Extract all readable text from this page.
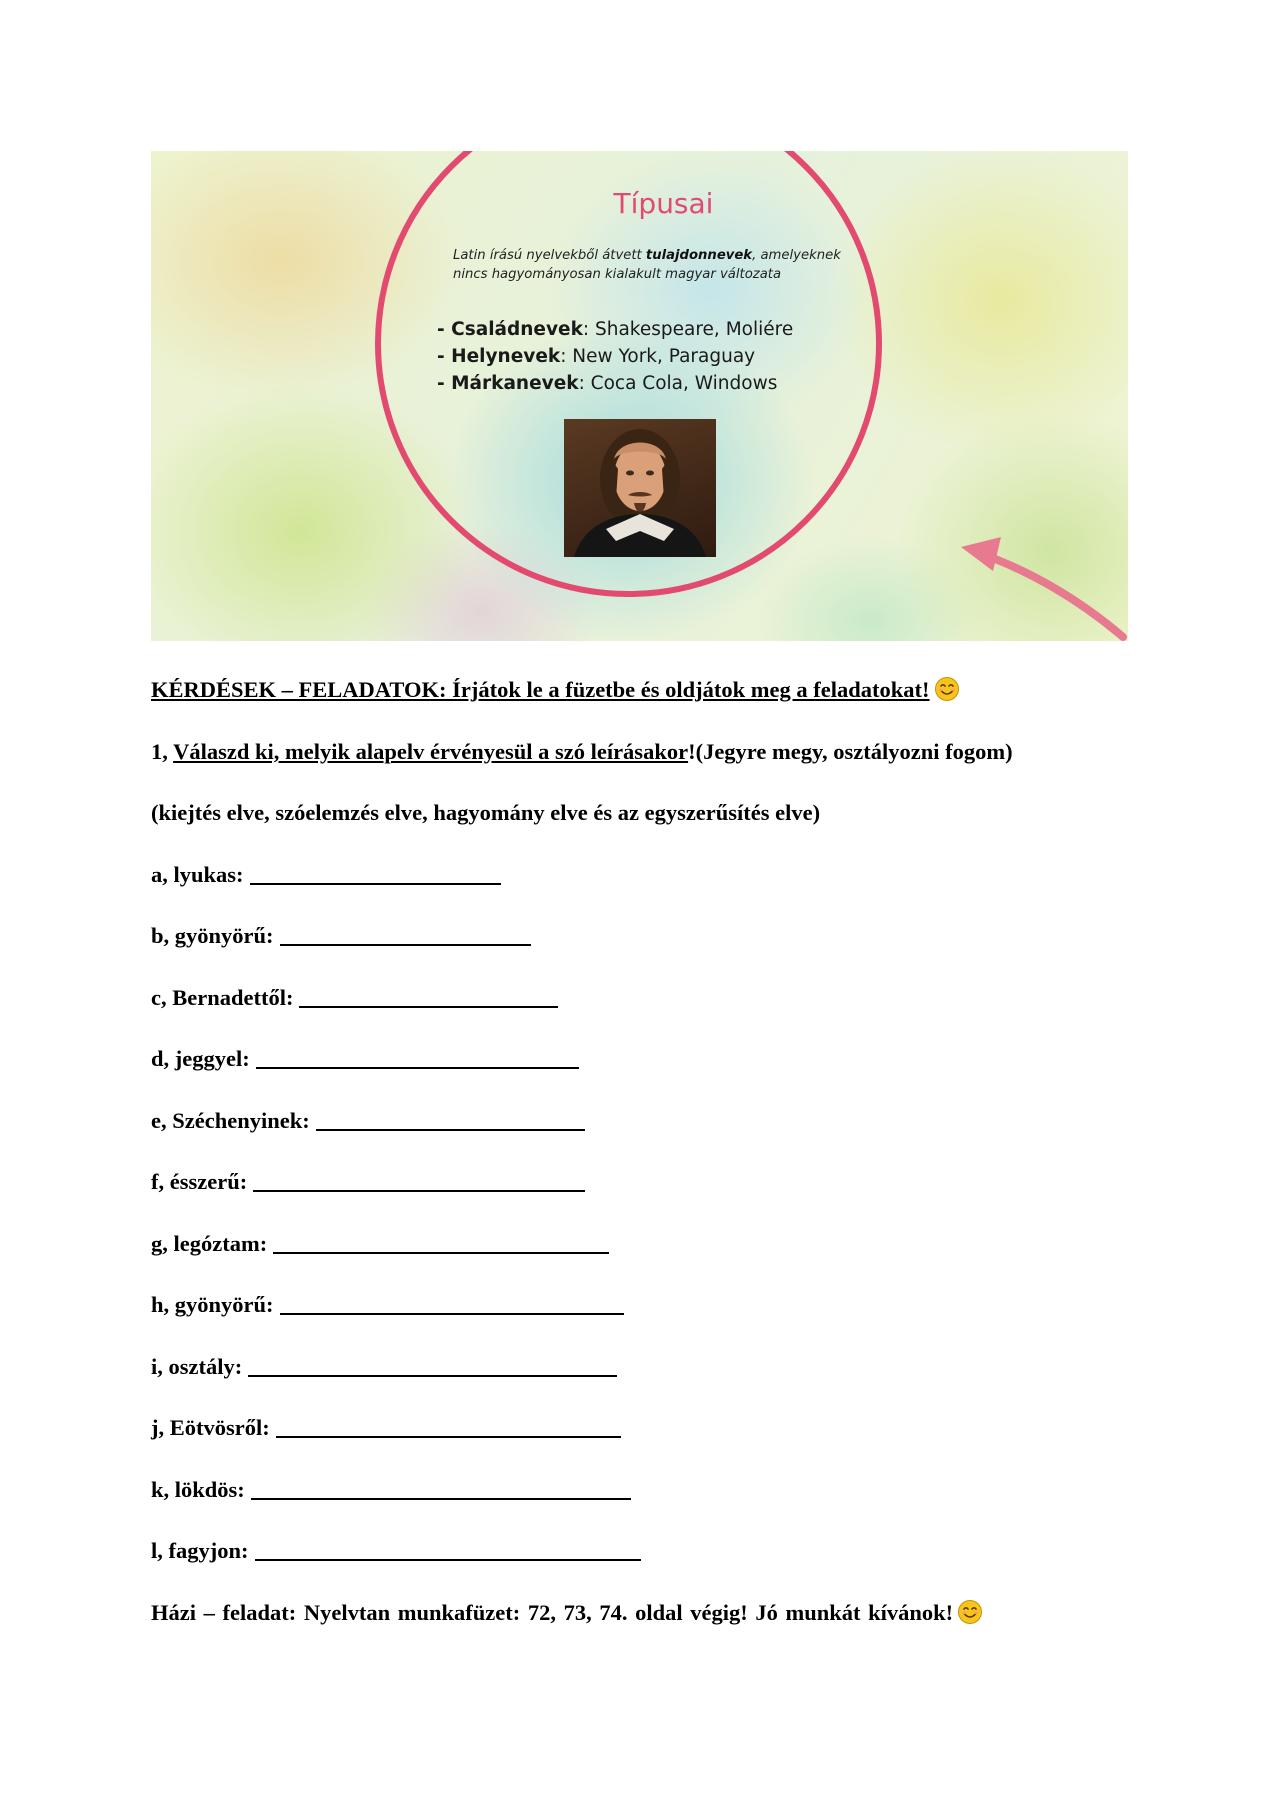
Típusai
Latin írású nyelvekből átvett tulajdonnevek, amelyeknek nincs hagyományosan kialakult magyar változata
- Családnevek: Shakespeare, Moliére
- Helynevek: New York, Paraguay
- Márkanevek: Coca Cola, Windows

KÉRDÉSEK – FELADATOK: Írjátok le a füzetbe és oldjátok meg a feladatokat!

1, Válaszd ki, melyik alapelv érvényesül a szó leírásakor!(Jegyre megy, osztályozni fogom)

(kiejtés elve, szóelemzés elve, hagyomány elve és az egyszerűsítés elve)

a, lyukas:
b, gyönyörű:
c, Bernadettől:
d, jeggyel:
e, Széchenyinek:
f, ésszerű:
g, legóztam:
h, gyönyörű:
i, osztály:
j, Eötvösről:
k, lökdös:
l, fagyjon:

Házi – feladat: Nyelvtan munkafüzet: 72, 73, 74. oldal végig! Jó munkát kívánok!
